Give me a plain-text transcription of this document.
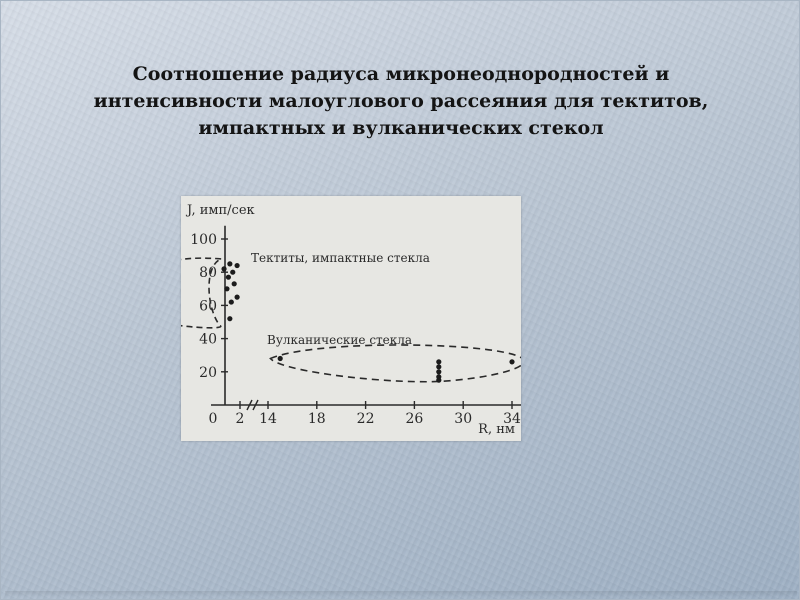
Соотношение радиуса микронеоднородностей и
интенсивности малоуглового рассеяния для тектитов,
импактных и вулканических стекол
20
40
60
80
100
0 2 14 18 22 26 30 34
J, имп/сек
R, нм
Тектиты, импактные стекла
Вулканические стекла
